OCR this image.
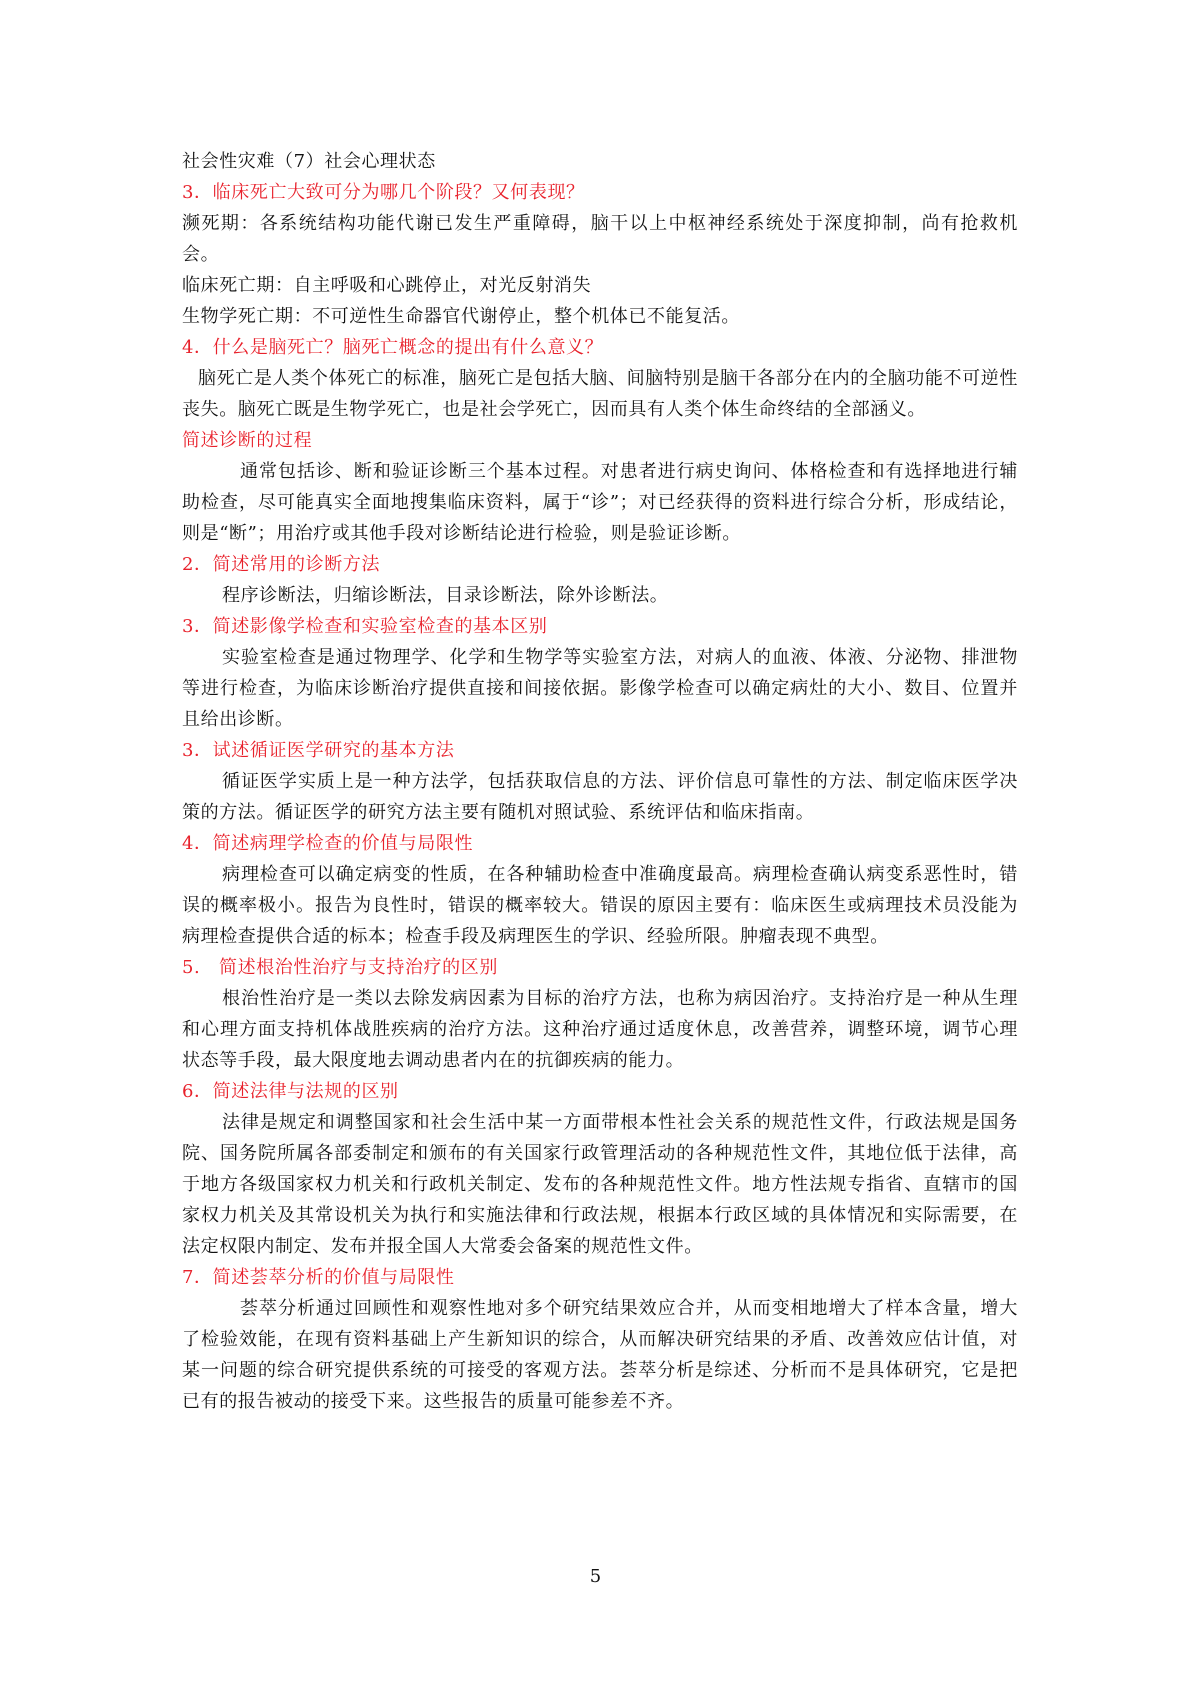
社会性灾难（7）社会心理状态

3．临床死亡大致可分为哪几个阶段？又何表现？

濒死期：各系统结构功能代谢已发生严重障碍，脑干以上中枢神经系统处于深度抑制，尚有抢救机会。

临床死亡期：自主呼吸和心跳停止，对光反射消失

生物学死亡期：不可逆性生命器官代谢停止，整个机体已不能复活。

4．什么是脑死亡？脑死亡概念的提出有什么意义？

脑死亡是人类个体死亡的标准，脑死亡是包括大脑、间脑特别是脑干各部分在内的全脑功能不可逆性丧失。脑死亡既是生物学死亡，也是社会学死亡，因而具有人类个体生命终结的全部涵义。

简述诊断的过程

通常包括诊、断和验证诊断三个基本过程。对患者进行病史询问、体格检查和有选择地进行辅助检查，尽可能真实全面地搜集临床资料，属于“诊”；对已经获得的资料进行综合分析，形成结论，则是“断”；用治疗或其他手段对诊断结论进行检验，则是验证诊断。

2．简述常用的诊断方法

程序诊断法，归缩诊断法，目录诊断法，除外诊断法。

3．简述影像学检查和实验室检查的基本区别

实验室检查是通过物理学、化学和生物学等实验室方法，对病人的血液、体液、分泌物、排泄物等进行检查，为临床诊断治疗提供直接和间接依据。影像学检查可以确定病灶的大小、数目、位置并且给出诊断。

3．试述循证医学研究的基本方法

循证医学实质上是一种方法学，包括获取信息的方法、评价信息可靠性的方法、制定临床医学决策的方法。循证医学的研究方法主要有随机对照试验、系统评估和临床指南。

4．简述病理学检查的价值与局限性

病理检查可以确定病变的性质，在各种辅助检查中准确度最高。病理检查确认病变系恶性时，错误的概率极小。报告为良性时，错误的概率较大。错误的原因主要有：临床医生或病理技术员没能为病理检查提供合适的标本；检查手段及病理医生的学识、经验所限。肿瘤表现不典型。

5.　简述根治性治疗与支持治疗的区别

根治性治疗是一类以去除发病因素为目标的治疗方法，也称为病因治疗。支持治疗是一种从生理和心理方面支持机体战胜疾病的治疗方法。这种治疗通过适度休息，改善营养，调整环境，调节心理状态等手段，最大限度地去调动患者内在的抗御疾病的能力。

6．简述法律与法规的区别

法律是规定和调整国家和社会生活中某一方面带根本性社会关系的规范性文件，行政法规是国务院、国务院所属各部委制定和颁布的有关国家行政管理活动的各种规范性文件，其地位低于法律，高于地方各级国家权力机关和行政机关制定、发布的各种规范性文件。地方性法规专指省、直辖市的国家权力机关及其常设机关为执行和实施法律和行政法规，根据本行政区域的具体情况和实际需要，在法定权限内制定、发布并报全国人大常委会备案的规范性文件。

7．简述荟萃分析的价值与局限性

荟萃分析通过回顾性和观察性地对多个研究结果效应合并，从而变相地增大了样本含量，增大了检验效能，在现有资料基础上产生新知识的综合，从而解决研究结果的矛盾、改善效应估计值，对某一问题的综合研究提供系统的可接受的客观方法。荟萃分析是综述、分析而不是具体研究，它是把已有的报告被动的接受下来。这些报告的质量可能参差不齐。

5
